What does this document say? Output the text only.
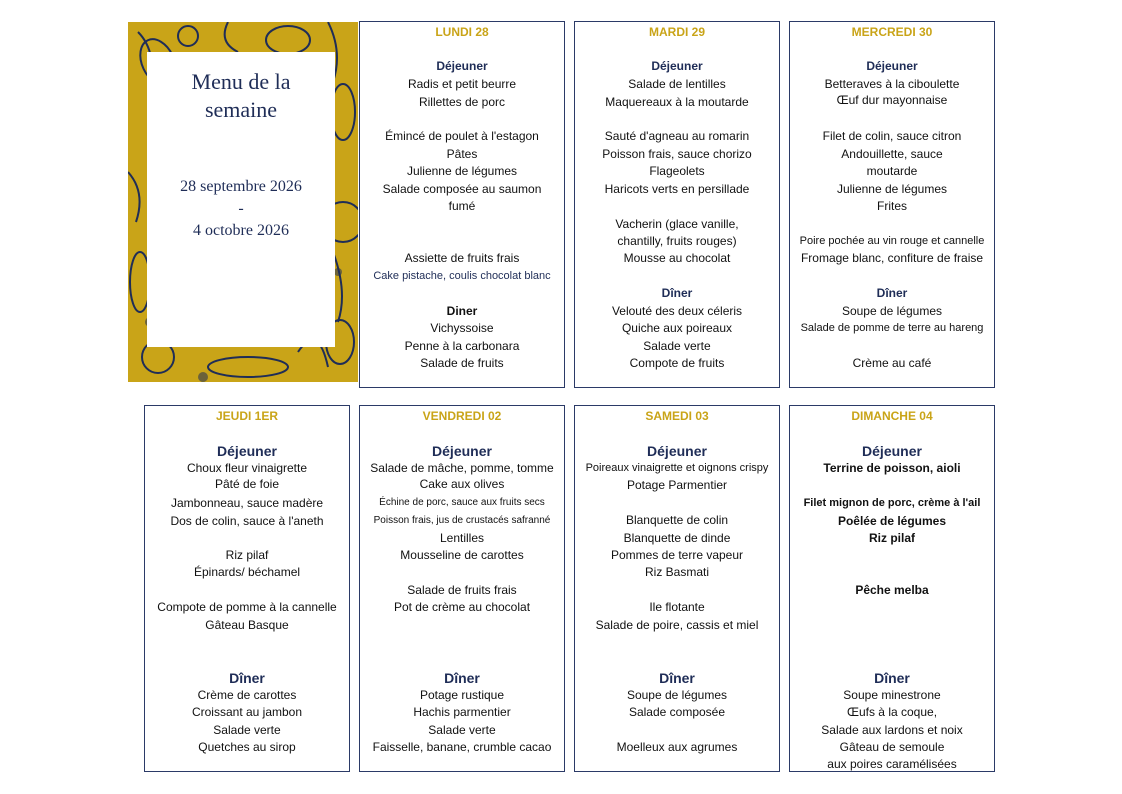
Menu de la semaine
28 septembre 2026
-
4 octobre 2026
LUNDI 28
Déjeuner
Radis et petit beurre
Rillettes de porc
Émincé de poulet à l'estagon
Pâtes
Julienne de légumes
Salade composée au saumon
fumé
Assiette de fruits frais
Cake pistache, coulis chocolat blanc
Diner
Vichyssoise
Penne à la carbonara
Salade de fruits
MARDI 29
Déjeuner
Salade de lentilles
Maquereaux à la moutarde
Sauté d'agneau au romarin
Poisson frais, sauce chorizo
Flageolets
Haricots verts en persillade
Vacherin (glace vanille,
chantilly, fruits rouges)
Mousse au chocolat
Dîner
Velouté des deux céleris
Quiche aux poireaux
Salade verte
Compote de fruits
MERCREDI 30
Déjeuner
Betteraves à la ciboulette
Œuf dur mayonnaise
Filet de colin, sauce citron
Andouillette, sauce
moutarde
Julienne de légumes
Frites
Poire pochée au vin rouge et cannelle
Fromage blanc, confiture de fraise
Dîner
Soupe de légumes
Salade de pomme de terre au hareng
Crème au café
JEUDI 1ER
Déjeuner
Choux fleur vinaigrette
Pâté de foie
Jambonneau, sauce madère
Dos de colin, sauce à l'aneth
Riz pilaf
Épinards/ béchamel
Compote de pomme à la cannelle
Gâteau Basque
Dîner
Crème de carottes
Croissant au jambon
Salade verte
Quetches au sirop
VENDREDI 02
Déjeuner
Salade de mâche, pomme, tomme
Cake aux olives
Échine de porc, sauce aux fruits secs
Poisson frais, jus de crustacés safranné
Lentilles
Mousseline de carottes
Salade de fruits frais
Pot de crème au chocolat
Dîner
Potage rustique
Hachis parmentier
Salade verte
Faisselle, banane, crumble cacao
SAMEDI 03
Déjeuner
Poireaux vinaigrette et oignons crispy
Potage Parmentier
Blanquette de colin
Blanquette de dinde
Pommes de terre vapeur
Riz Basmati
Ile flotante
Salade de poire, cassis et miel
Dîner
Soupe de légumes
Salade composée
Moelleux aux agrumes
DIMANCHE 04
Déjeuner
Terrine de poisson, aioli
Filet mignon de porc, crème à l'ail
Poêlée de légumes
Riz pilaf
Pêche melba
Dîner
Soupe minestrone
Œufs à la coque,
Salade aux lardons et noix
Gâteau de semoule
aux poires caramélisées
